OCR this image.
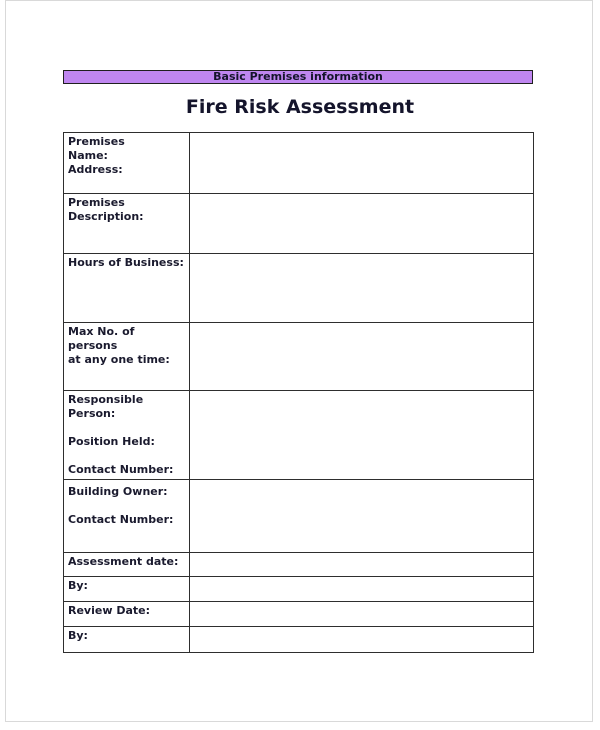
Basic Premises information
Fire Risk Assessment
Premises
Name:
Address:	

Premises
Description:	

Hours of Business:	

Max No. of persons
at any one time:	

Responsible Person:
Position Held:
Contact Number:	

Building Owner:
Contact Number:	

Assessment date:	

By:	

Review Date:	

By:	
